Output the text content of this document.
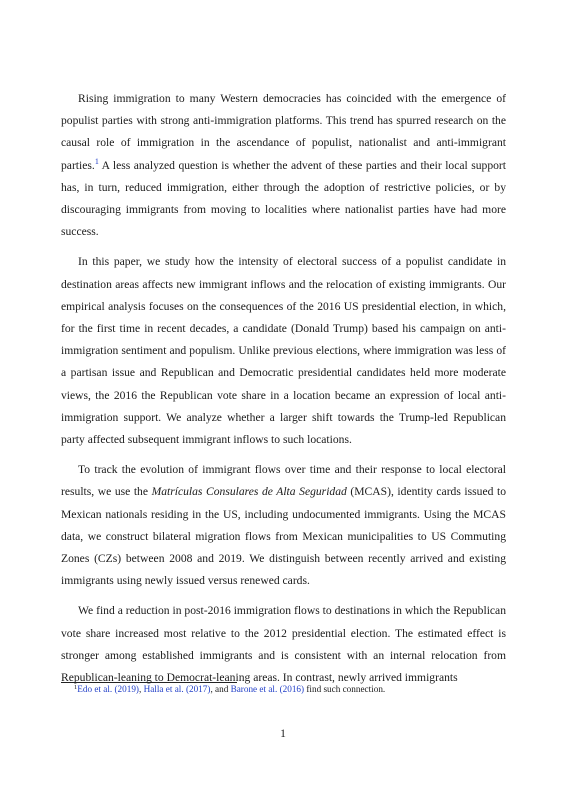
Rising immigration to many Western democracies has coincided with the emergence of populist parties with strong anti-immigration platforms. This trend has spurred research on the causal role of immigration in the ascendance of populist, nationalist and anti-immigrant parties.$^1$ A less analyzed question is whether the advent of these parties and their local support has, in turn, reduced immigration, either through the adoption of restrictive policies, or by discouraging immigrants from moving to localities where nationalist parties have had more success.

In this paper, we study how the intensity of electoral success of a populist candidate in destination areas affects new immigrant inflows and the relocation of existing immigrants. Our empirical analysis focuses on the consequences of the 2016 US presidential election, in which, for the first time in recent decades, a candidate (Donald Trump) based his campaign on anti-immigration sentiment and populism. Unlike previous elections, where immigration was less of a partisan issue and Republican and Democratic presidential candidates held more moderate views, the 2016 the Republican vote share in a location became an expression of local anti-immigration support. We analyze whether a larger shift towards the Trump-led Republican party affected subsequent immigrant inflows to such locations.

To track the evolution of immigrant flows over time and their response to local electoral results, we use the Matrículas Consulares de Alta Seguridad (MCAS), identity cards issued to Mexican nationals residing in the US, including undocumented immigrants. Using the MCAS data, we construct bilateral migration flows from Mexican municipalities to US Commuting Zones (CZs) between 2008 and 2019. We distinguish between recently arrived and existing immigrants using newly issued versus renewed cards.

We find a reduction in post-2016 immigration flows to destinations in which the Republican vote share increased most relative to the 2012 presidential election. The estimated effect is stronger among established immigrants and is consistent with an internal relocation from Republican-leaning to Democrat-leaning areas. In contrast, newly arrived immigrants

$^1$Edo et al. (2019), Halla et al. (2017), and Barone et al. (2016) find such connection.
1
